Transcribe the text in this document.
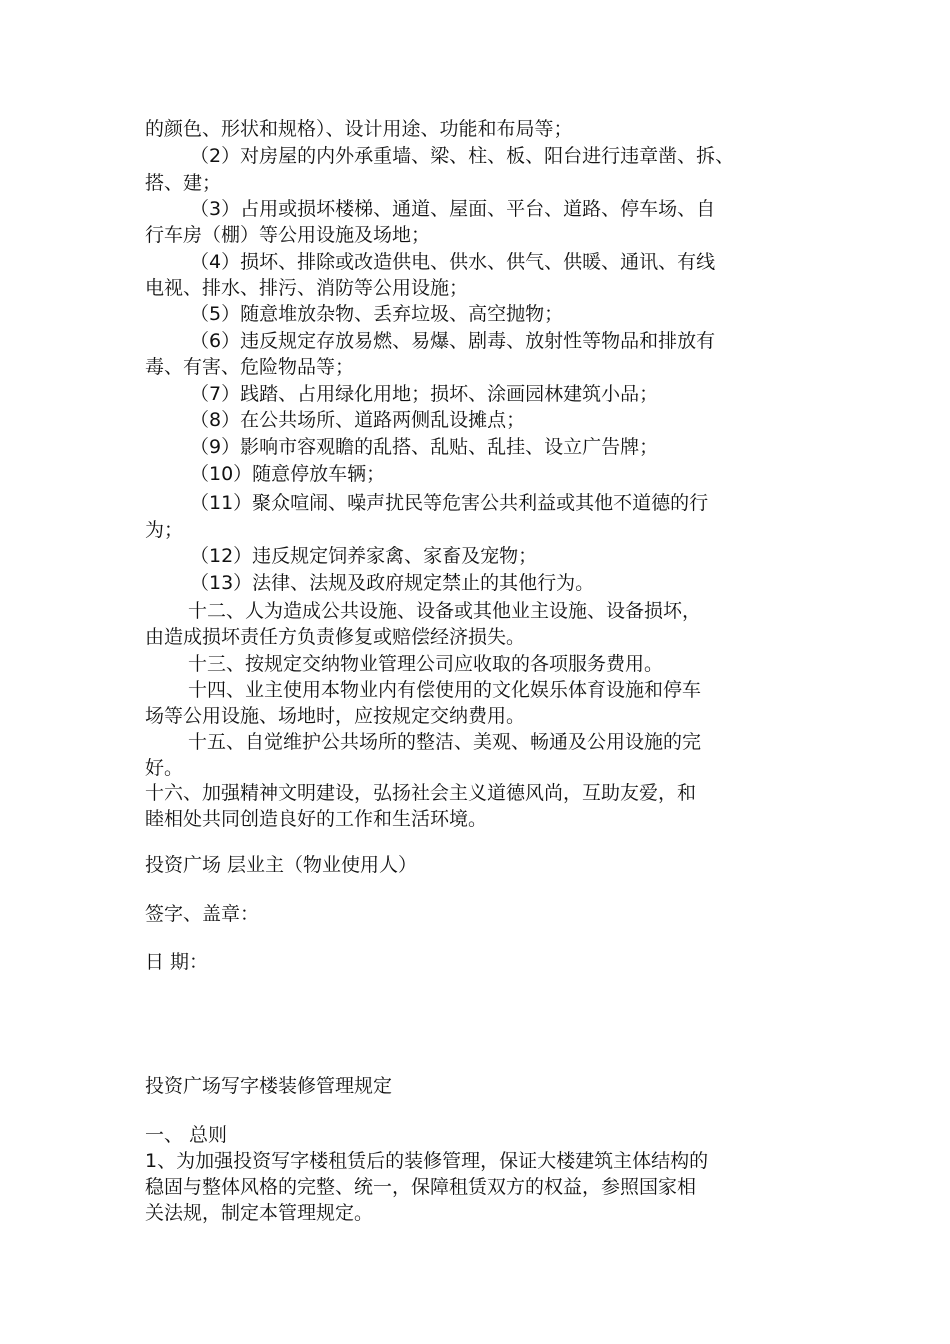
的颜色、形状和规格）、设计用途、功能和布局等；
（2）对房屋的内外承重墙、梁、柱、板、阳台进行违章凿、拆、
搭、建；
（3）占用或损坏楼梯、通道、屋面、平台、道路、停车场、自
行车房（棚）等公用设施及场地；
（4）损坏、排除或改造供电、供水、供气、供暖、通讯、有线
电视、排水、排污、消防等公用设施；
（5）随意堆放杂物、丢弃垃圾、高空抛物；
（6）违反规定存放易燃、易爆、剧毒、放射性等物品和排放有
毒、有害、危险物品等；
（7）践踏、占用绿化用地；损坏、涂画园林建筑小品；
（8）在公共场所、道路两侧乱设摊点；
（9）影响市容观瞻的乱搭、乱贴、乱挂、设立广告牌；
（10）随意停放车辆；
（11）聚众喧闹、噪声扰民等危害公共利益或其他不道德的行
为；
（12）违反规定饲养家禽、家畜及宠物；
（13）法律、法规及政府规定禁止的其他行为。
十二、人为造成公共设施、设备或其他业主设施、设备损坏，
由造成损坏责任方负责修复或赔偿经济损失。
十三、按规定交纳物业管理公司应收取的各项服务费用。
十四、业主使用本物业内有偿使用的文化娱乐体育设施和停车
场等公用设施、场地时，应按规定交纳费用。
十五、自觉维护公共场所的整洁、美观、畅通及公用设施的完
好。
十六、加强精神文明建设，弘扬社会主义道德风尚，互助友爱，和
睦相处共同创造良好的工作和生活环境。
投资广场 层业主（物业使用人）
签字、盖章：
日 期：
投资广场写字楼装修管理规定
一、 总则
1、为加强投资写字楼租赁后的装修管理，保证大楼建筑主体结构的
稳固与整体风格的完整、统一，保障租赁双方的权益，参照国家相
关法规，制定本管理规定。
